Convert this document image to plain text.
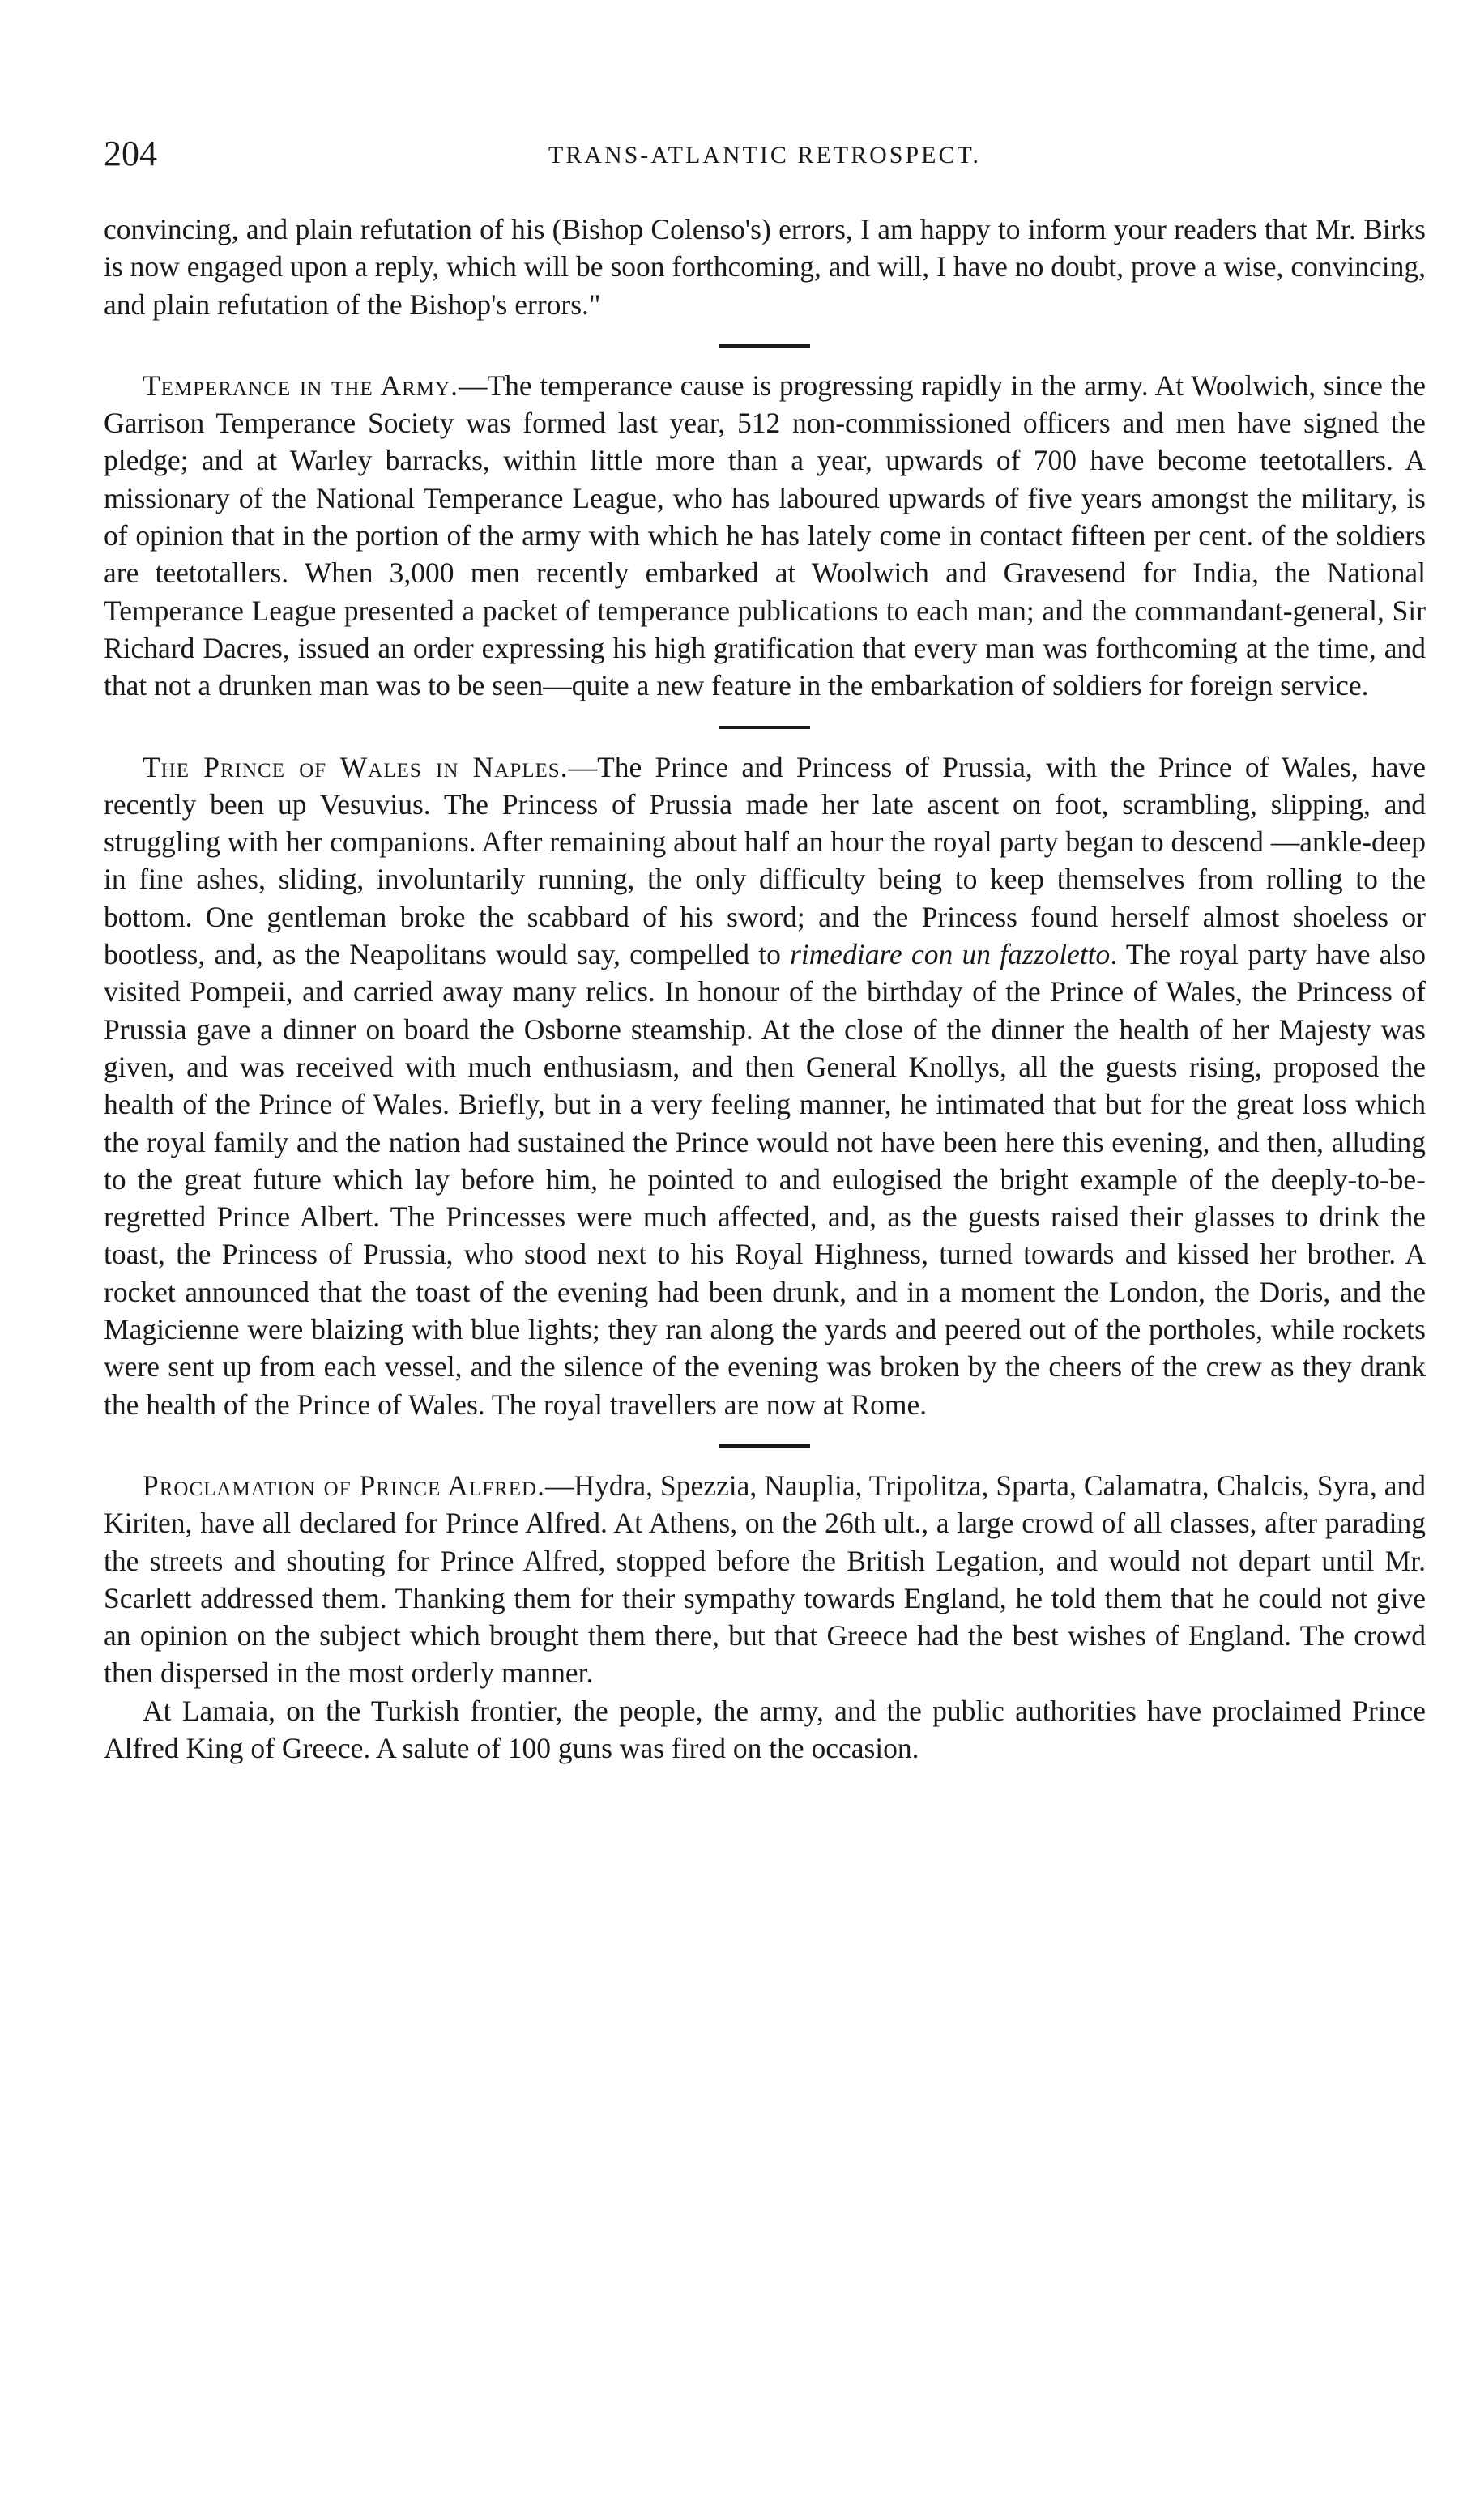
204	TRANS-ATLANTIC RETROSPECT.

convincing, and plain refutation of his (Bishop Colenso's) errors, I am happy to inform your readers that Mr. Birks is now engaged upon a reply, which will be soon forthcoming, and will, I have no doubt, prove a wise, convincing, and plain refutation of the Bishop's errors."

Temperance in the Army.—The temperance cause is progressing rapidly in the army. At Woolwich, since the Garrison Temperance Society was formed last year, 512 non-commissioned officers and men have signed the pledge; and at Warley barracks, within little more than a year, upwards of 700 have become teetotallers. A missionary of the National Temperance League, who has laboured upwards of five years amongst the military, is of opinion that in the portion of the army with which he has lately come in contact fifteen per cent. of the soldiers are teetotallers. When 3,000 men recently embarked at Woolwich and Gravesend for India, the National Temperance League presented a packet of temperance publications to each man; and the commandant-general, Sir Richard Dacres, issued an order expressing his high gratification that every man was forthcoming at the time, and that not a drunken man was to be seen—quite a new feature in the embarkation of soldiers for foreign service.

The Prince of Wales in Naples.—The Prince and Princess of Prussia, with the Prince of Wales, have recently been up Vesuvius. The Princess of Prussia made her late ascent on foot, scrambling, slipping, and struggling with her companions. After remaining about half an hour the royal party began to descend —ankle-deep in fine ashes, sliding, involuntarily running, the only difficulty being to keep themselves from rolling to the bottom. One gentleman broke the scabbard of his sword; and the Princess found herself almost shoeless or bootless, and, as the Neapolitans would say, compelled to rimediare con un fazzoletto. The royal party have also visited Pompeii, and carried away many relics. In honour of the birthday of the Prince of Wales, the Princess of Prussia gave a dinner on board the Osborne steamship. At the close of the dinner the health of her Majesty was given, and was received with much enthusiasm, and then General Knollys, all the guests rising, proposed the health of the Prince of Wales. Briefly, but in a very feeling manner, he intimated that but for the great loss which the royal family and the nation had sustained the Prince would not have been here this evening, and then, alluding to the great future which lay before him, he pointed to and eulogised the bright example of the deeply-to-be-regretted Prince Albert. The Princesses were much affected, and, as the guests raised their glasses to drink the toast, the Princess of Prussia, who stood next to his Royal Highness, turned towards and kissed her brother. A rocket announced that the toast of the evening had been drunk, and in a moment the London, the Doris, and the Magicienne were blaizing with blue lights; they ran along the yards and peered out of the portholes, while rockets were sent up from each vessel, and the silence of the evening was broken by the cheers of the crew as they drank the health of the Prince of Wales. The royal travellers are now at Rome.

Proclamation of Prince Alfred.—Hydra, Spezzia, Nauplia, Tripolitza, Sparta, Calamatra, Chalcis, Syra, and Kiriten, have all declared for Prince Alfred. At Athens, on the 26th ult., a large crowd of all classes, after parading the streets and shouting for Prince Alfred, stopped before the British Legation, and would not depart until Mr. Scarlett addressed them. Thanking them for their sympathy towards England, he told them that he could not give an opinion on the subject which brought them there, but that Greece had the best wishes of England. The crowd then dispersed in the most orderly manner.

At Lamaia, on the Turkish frontier, the people, the army, and the public authorities have proclaimed Prince Alfred King of Greece. A salute of 100 guns was fired on the occasion.
